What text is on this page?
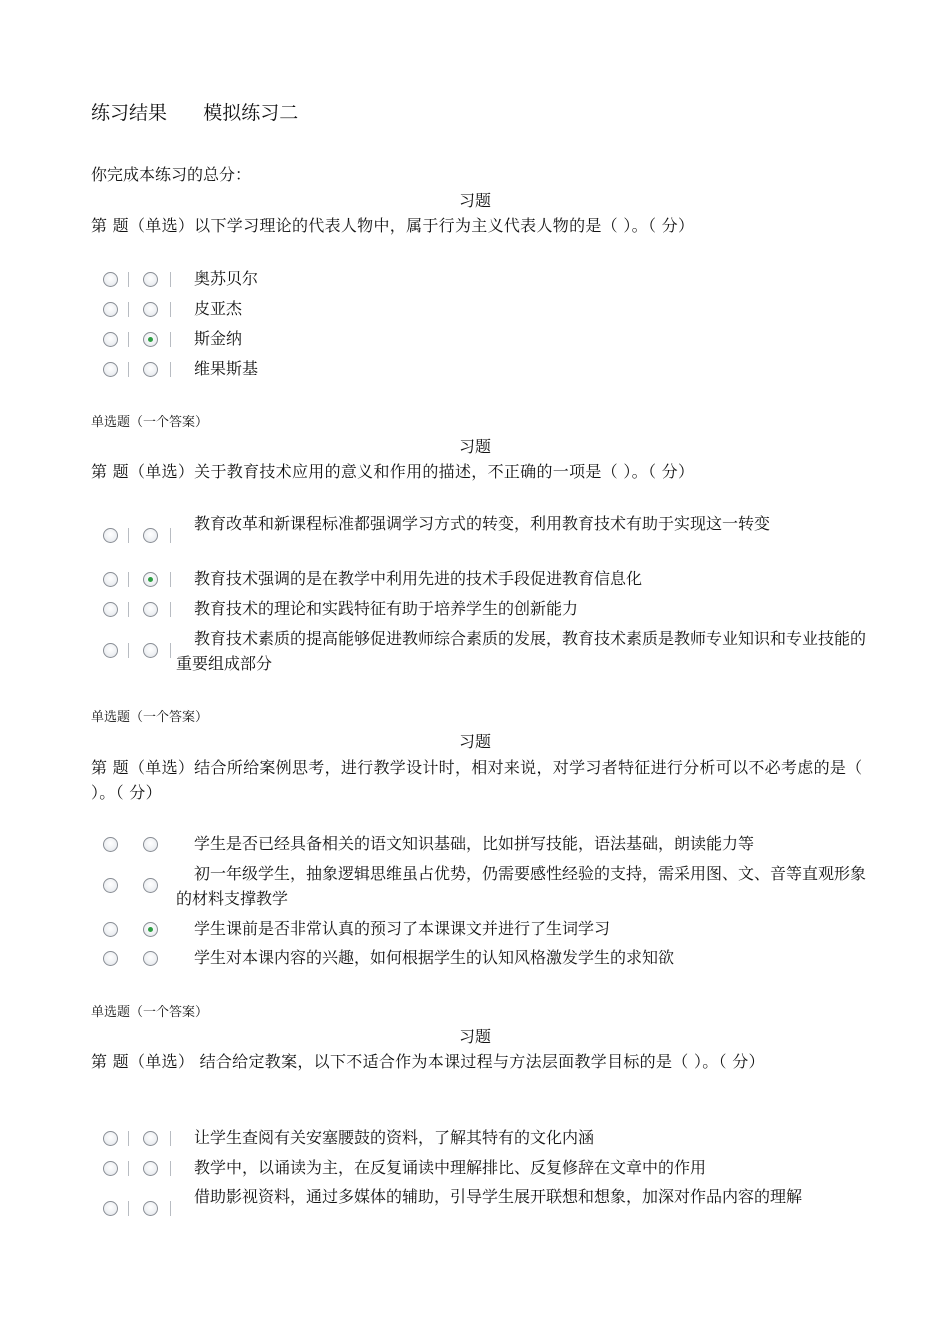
练习结果      模拟练习二
你完成本练习的总分：
习题
第 题（单选）以下学习理论的代表人物中，属于行为主义代表人物的是（ ）。（ 分）
奥苏贝尔
皮亚杰
斯金纳
维果斯基
单选题（一个答案）
习题
第 题（单选）关于教育技术应用的意义和作用的描述，不正确的一项是（ ）。（ 分）
教育改革和新课程标准都强调学习方式的转变，利用教育技术有助于实现这一转变
教育技术强调的是在教学中利用先进的技术手段促进教育信息化
教育技术的理论和实践特征有助于培养学生的创新能力
教育技术素质的提高能够促进教师综合素质的发展，教育技术素质是教师专业知识和专业技能的重要组成部分
单选题（一个答案）
习题
第 题（单选）结合所给案例思考，进行教学设计时，相对来说，对学习者特征进行分析可以不必考虑的是（ ）。（ 分）
学生是否已经具备相关的语文知识基础，比如拼写技能，语法基础，朗读能力等
初一年级学生，抽象逻辑思维虽占优势，仍需要感性经验的支持，需采用图、文、音等直观形象的材料支撑教学
学生课前是否非常认真的预习了本课课文并进行了生词学习
学生对本课内容的兴趣，如何根据学生的认知风格激发学生的求知欲
单选题（一个答案）
习题
第 题（单选） 结合给定教案，以下不适合作为本课过程与方法层面教学目标的是（ ）。（ 分）
让学生查阅有关安塞腰鼓的资料，了解其特有的文化内涵
教学中，以诵读为主，在反复诵读中理解排比、反复修辞在文章中的作用
借助影视资料，通过多媒体的辅助，引导学生展开联想和想象，加深对作品内容的理解
